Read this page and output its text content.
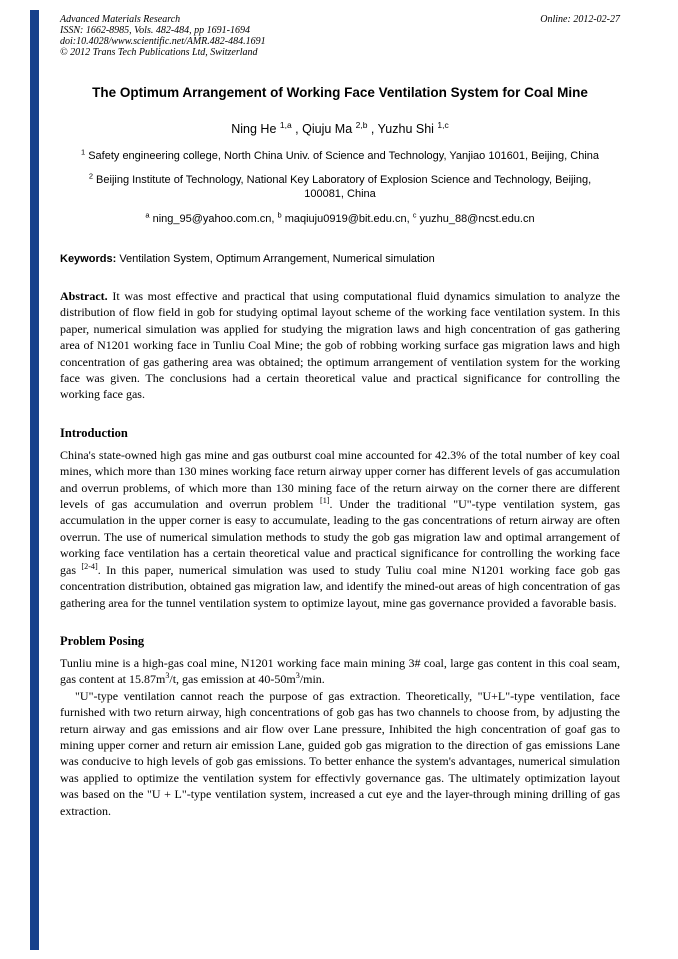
Advanced Materials Research	Online: 2012-02-27
ISSN: 1662-8985, Vols. 482-484, pp 1691-1694
doi:10.4028/www.scientific.net/AMR.482-484.1691
© 2012 Trans Tech Publications Ltd, Switzerland
The Optimum Arrangement of Working Face Ventilation System for Coal Mine
Ning He $^{1,a}$ , Qiuju Ma $^{2,b}$ , Yuzhu Shi $^{1,c}$
$^1$ Safety engineering college, North China Univ. of Science and Technology, Yanjiao 101601, Beijing, China
$^2$ Beijing Institute of Technology, National Key Laboratory of Explosion Science and Technology, Beijing, 100081, China
$^a$ ning_95@yahoo.com.cn, $^b$ maqiuju0919@bit.edu.cn, $^c$ yuzhu_88@ncst.edu.cn
Keywords: Ventilation System, Optimum Arrangement, Numerical simulation
Abstract. It was most effective and practical that using computational fluid dynamics simulation to analyze the distribution of flow field in gob for studying optimal layout scheme of the working face ventilation system. In this paper, numerical simulation was applied for studying the migration laws and high concentration of gas gathering area of N1201 working face in Tunliu Coal Mine; the gob of robbing working surface gas migration laws and high concentration of gas gathering area was obtained; the optimum arrangement of ventilation system for the working face was given. The conclusions had a certain theoretical value and practical significance for controlling the working face gas.
Introduction

China's state-owned high gas mine and gas outburst coal mine accounted for 42.3% of the total number of key coal mines, which more than 130 mines working face return airway upper corner has different levels of gas accumulation and overrun problems, of which more than 130 mining face of the return airway on the corner there are different levels of gas accumulation and overrun problem [1]. Under the traditional "U"-type ventilation system, gas accumulation in the upper corner is easy to accumulate, leading to the gas concentrations of return airway are often overrun. The use of numerical simulation methods to study the gob gas migration law and optimal arrangement of working face ventilation has a certain theoretical value and practical significance for controlling the working face gas [2-4]. In this paper, numerical simulation was used to study Tuliu coal mine N1201 working face gob gas concentration distribution, obtained gas migration law, and identify the mined-out areas of high concentration of gas gathering area for the tunnel ventilation system to optimize layout, mine gas governance provided a favorable basis.

Problem Posing

Tunliu mine is a high-gas coal mine, N1201 working face main mining 3# coal, large gas content in this coal seam, gas content at $15.87m^3/t$, gas emission at $40-50m^3/\min$.

"U"-type ventilation cannot reach the purpose of gas extraction. Theoretically, "U+L"-type ventilation, face furnished with two return airway, high concentrations of gob gas has two channels to choose from, by adjusting the return airway and gas emissions and air flow over Lane pressure, Inhibited the high concentration of goaf gas to mining upper corner and return air emission Lane, guided gob gas migration to the direction of gas emissions Lane was conducive to high levels of gob gas emissions. To better enhance the system's advantages, numerical simulation was applied to optimize the ventilation system for effectivly governance gas. The ultimately optimization layout was based on the "U + L"-type ventilation system, increased a cut eye and the layer-through mining drilling of gas extraction.
